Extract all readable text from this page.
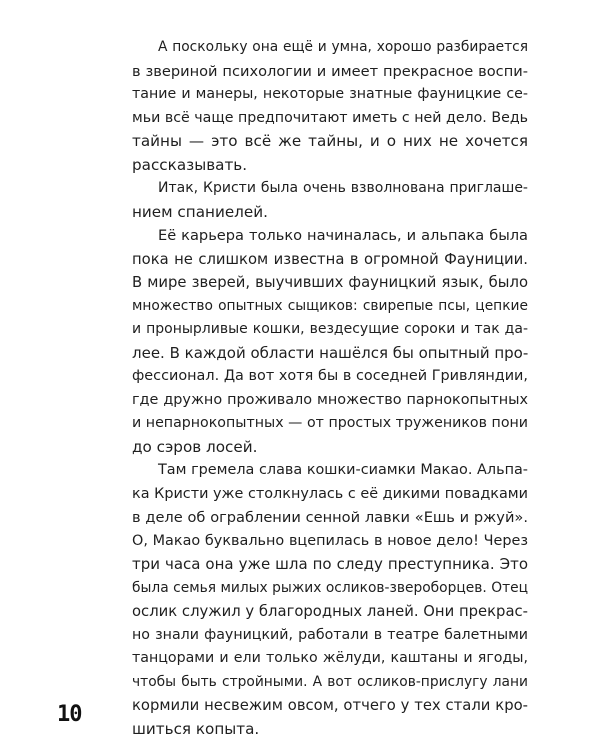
А поскольку она ещё и умна, хорошо разбирается
в звериной психологии и имеет прекрасное воспи-
тание и манеры, некоторые знатные фауницкие се-
мьи всё чаще предпочитают иметь с ней дело. Ведь
тайны — это всё же тайны, и о них не хочется
рассказывать.
Итак, Кристи была очень взволнована приглаше-
нием спаниелей.
Её карьера только начиналась, и альпака была
пока не слишком известна в огромной Фауниции.
В мире зверей, выучивших фауницкий язык, было
множество опытных сыщиков: свирепые псы, цепкие
и пронырливые кошки, вездесущие сороки и так да-
лее. В каждой области нашёлся бы опытный про-
фессионал. Да вот хотя бы в соседней Гривляндии,
где дружно проживало множество парнокопытных
и непарнокопытных — от простых тружеников пони
до сэров лосей.
Там гремела слава кошки-сиамки Макао. Альпа-
ка Кристи уже столкнулась с её дикими повадками
в деле об ограблении сенной лавки «Ешь и ржуй».
О, Макао буквально вцепилась в новое дело! Через
три часа она уже шла по следу преступника. Это
была семья милых рыжих осликов-звероборцев. Отец
ослик служил у благородных ланей. Они прекрас-
но знали фауницкий, работали в театре балетными
танцорами и ели только жёлуди, каштаны и ягоды,
чтобы быть стройными. А вот осликов-прислугу лани
кормили несвежим овсом, отчего у тех стали кро-
шиться копыта.
10
